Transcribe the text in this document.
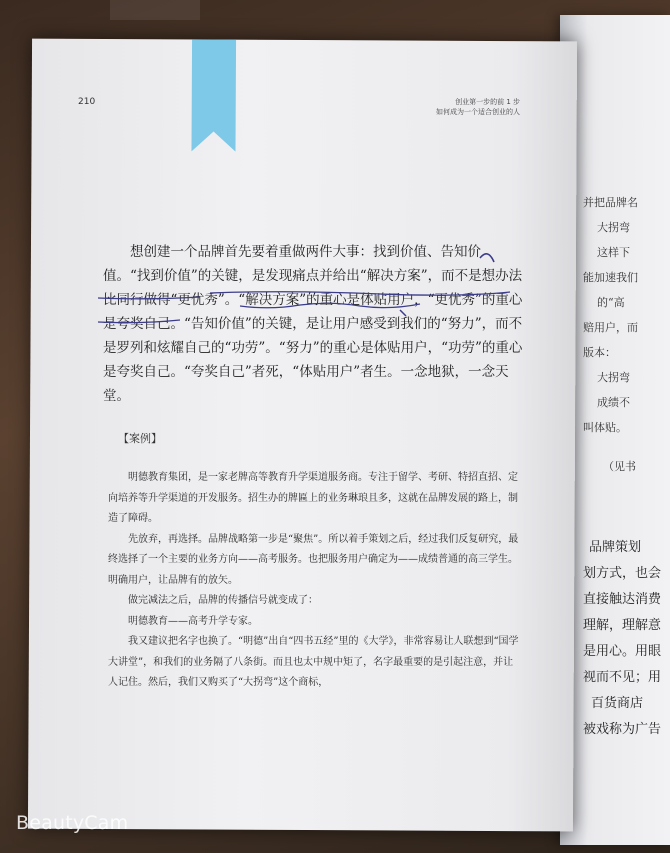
并把品牌名
大拐弯
这样下
能加速我们
的“高
赔用户，而
版本：
大拐弯
成绩不
叫体贴。
（见书
品牌策划
划方式，也会
直接触达消费
理解，理解意
是用心。用眼
视而不见；用
百货商店
被戏称为广告
210	创业第一步的前 1 步
如何成为一个适合创业的人

想创建一个品牌首先要着重做两件大事：找到价值、告知价值。“找到价值”的关键，是发现痛点并给出“解决方案”，而不是想办法比同行做得“更优秀”。“解决方案”的重心是体贴用户，“更优秀”的重心是夸奖自己。“告知价值”的关键，是让用户感受到我们的“努力”，而不是罗列和炫耀自己的“功劳”。“努力”的重心是体贴用户，“功劳”的重心是夸奖自己。“夸奖自己”者死，“体贴用户”者生。一念地狱，一念天堂。

【案例】

明德教育集团，是一家老牌高等教育升学渠道服务商。专注于留学、考研、特招直招、定向培养等升学渠道的开发服务。招生办的牌匾上的业务琳琅且多，这就在品牌发展的路上，制造了障碍。

先放弃，再选择。品牌战略第一步是“聚焦”。所以着手策划之后，经过我们反复研究，最终选择了一个主要的业务方向——高考服务。也把服务用户确定为——成绩普通的高三学生。明确用户，让品牌有的放矢。

做完减法之后，品牌的传播信号就变成了：

明德教育——高考升学专家。

我又建议把名字也换了。“明德”出自“四书五经”里的《大学》，非常容易让人联想到“国学大讲堂”，和我们的业务隔了八条街。而且也太中规中矩了，名字最重要的是引起注意，并让人记住。然后，我们又购买了“大拐弯”这个商标，

BeautyCam
